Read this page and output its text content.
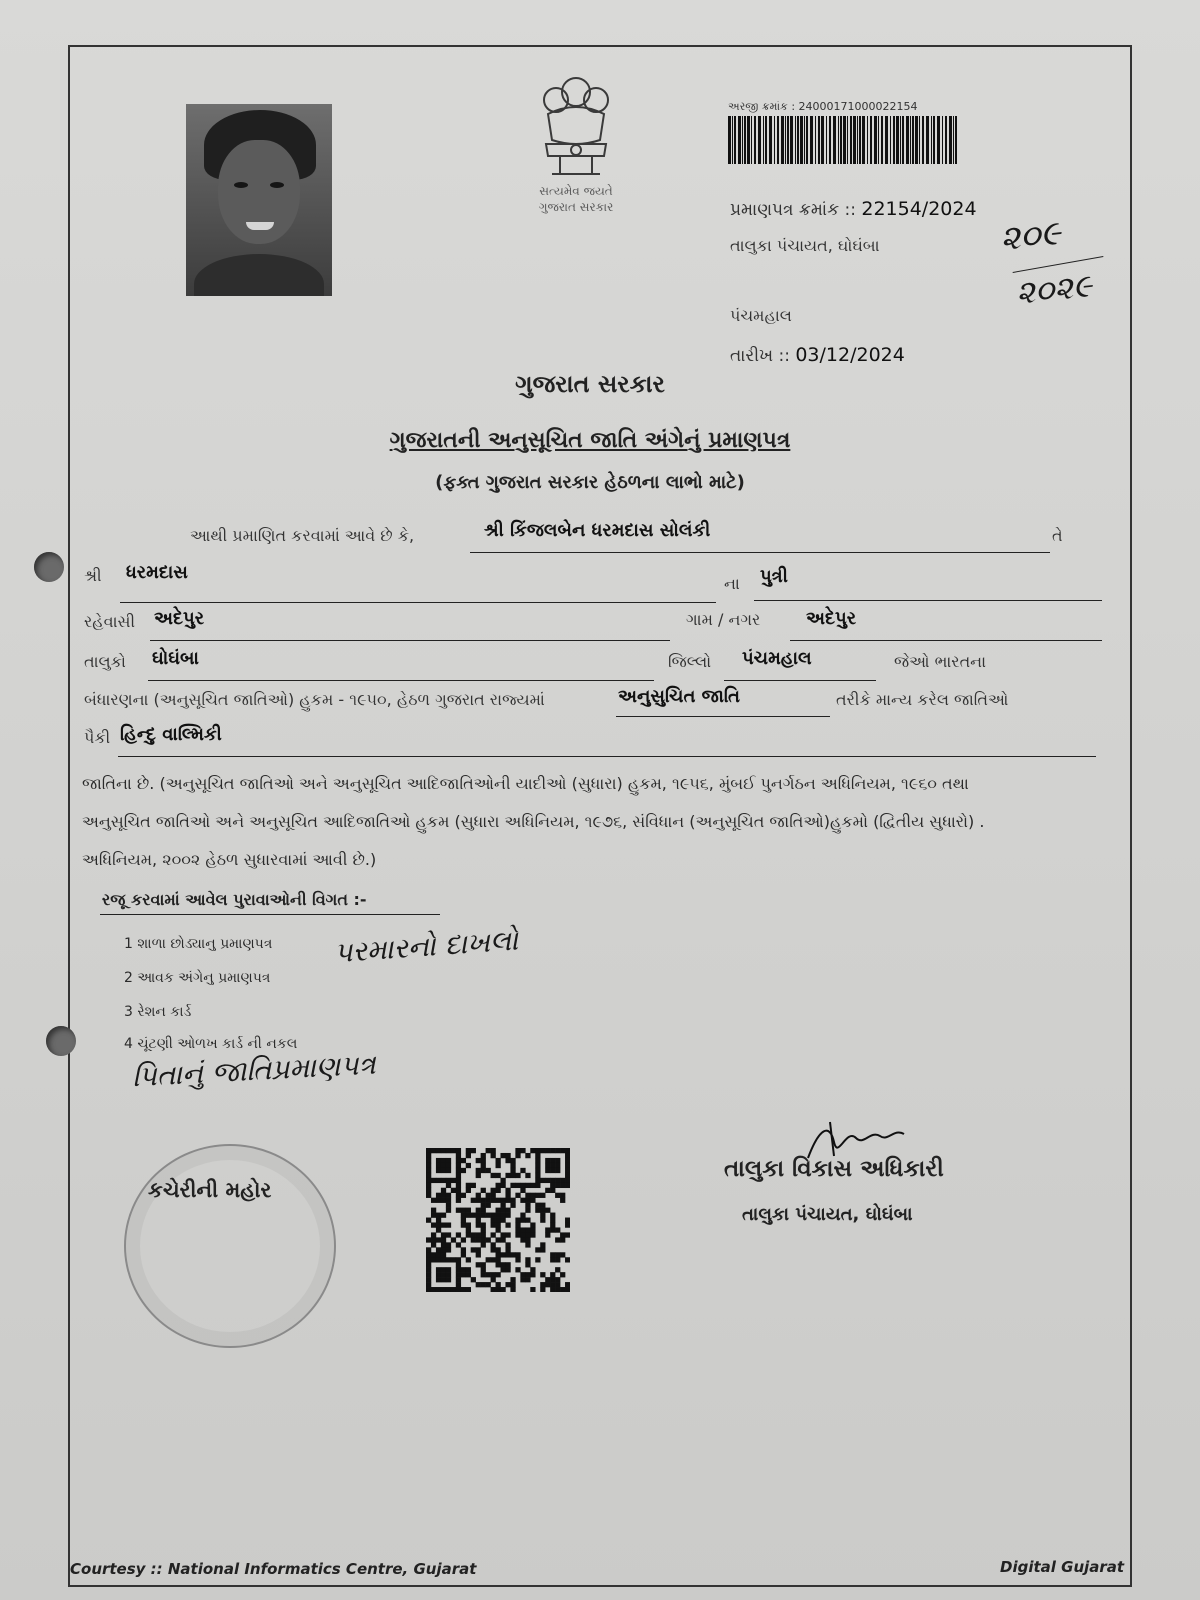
સત્યમેવ જયતે
ગુજરાત સરકાર
અરજી ક્રમાંક : 24000171000022154
પ્રમાણપત્ર ક્રમાંક :: 22154/2024
તાલુકા પંચાયત, ઘોઘંબા
પંચમહાલ
તારીખ :: 03/12/2024
૨૦૯
૨૦૨૯
ગુજરાત સરકાર
ગુજરાતની અનુસૂચિત જાતિ અંગેનું પ્રમાણપત્ર
(ફક્ત ગુજરાત સરકાર હેઠળના લાભો માટે)
આથી પ્રમાણિત કરવામાં આવે છે કે,	શ્રી કિંજલબેન ધરમદાસ સોલંકી	તે
શ્રી ધરમદાસ
ના પુત્રી
રહેવાસી અદેપુર	ગામ / નગર	અદેપુર
તાલુકો ઘોઘંબા	જિલ્લો પંચમહાલ	જેઓ ભારતના
બંધારણના (અનુસૂચિત જાતિઓ) હુકમ - ૧૯૫૦, હેઠળ ગુજરાત રાજ્યમાં	અનુસુચિત જાતિ	તરીકે માન્ય કરેલ જાતિઓ
પૈકી હિન્દુ વાલ્મિકી
જાતિના છે. (અનુસૂચિત જાતિઓ અને અનુસૂચિત આદિજાતિઓની યાદીઓ (સુધારા) હુકમ, ૧૯૫૬, મુંબઈ પુનર્ગઠન અધિનિયમ, ૧૯૬૦ તથા
અનુસૂચિત જાતિઓ અને અનુસૂચિત આદિજાતિઓ હુકમ (સુધારા અધિનિયમ, ૧૯૭૬, સંવિધાન (અનુસૂચિત જાતિઓ)હુકમો (દ્વિતીય સુધારો) .
અધિનિયમ, ૨૦૦૨ હેઠળ સુધારવામાં આવી છે.)
રજૂ કરવામાં આવેલ પુરાવાઓની વિગત :-
1 શાળા છોડ્યાનુ પ્રમાણપત્ર
2 આવક અંગેનુ પ્રમાણપત્ર
3 રેશન કાર્ડ
4 ચૂંટણી ઓળખ કાર્ડ ની નકલ
પરમારનો દાખલો
પિતાનું જાતિપ્રમાણપત્ર
કચેરીની મહોર
તાલુકા વિકાસ અધિકારી
તાલુકા પંચાયત, ઘોઘંબા
Courtesy :: National Informatics Centre, Gujarat	Digital Gujarat
